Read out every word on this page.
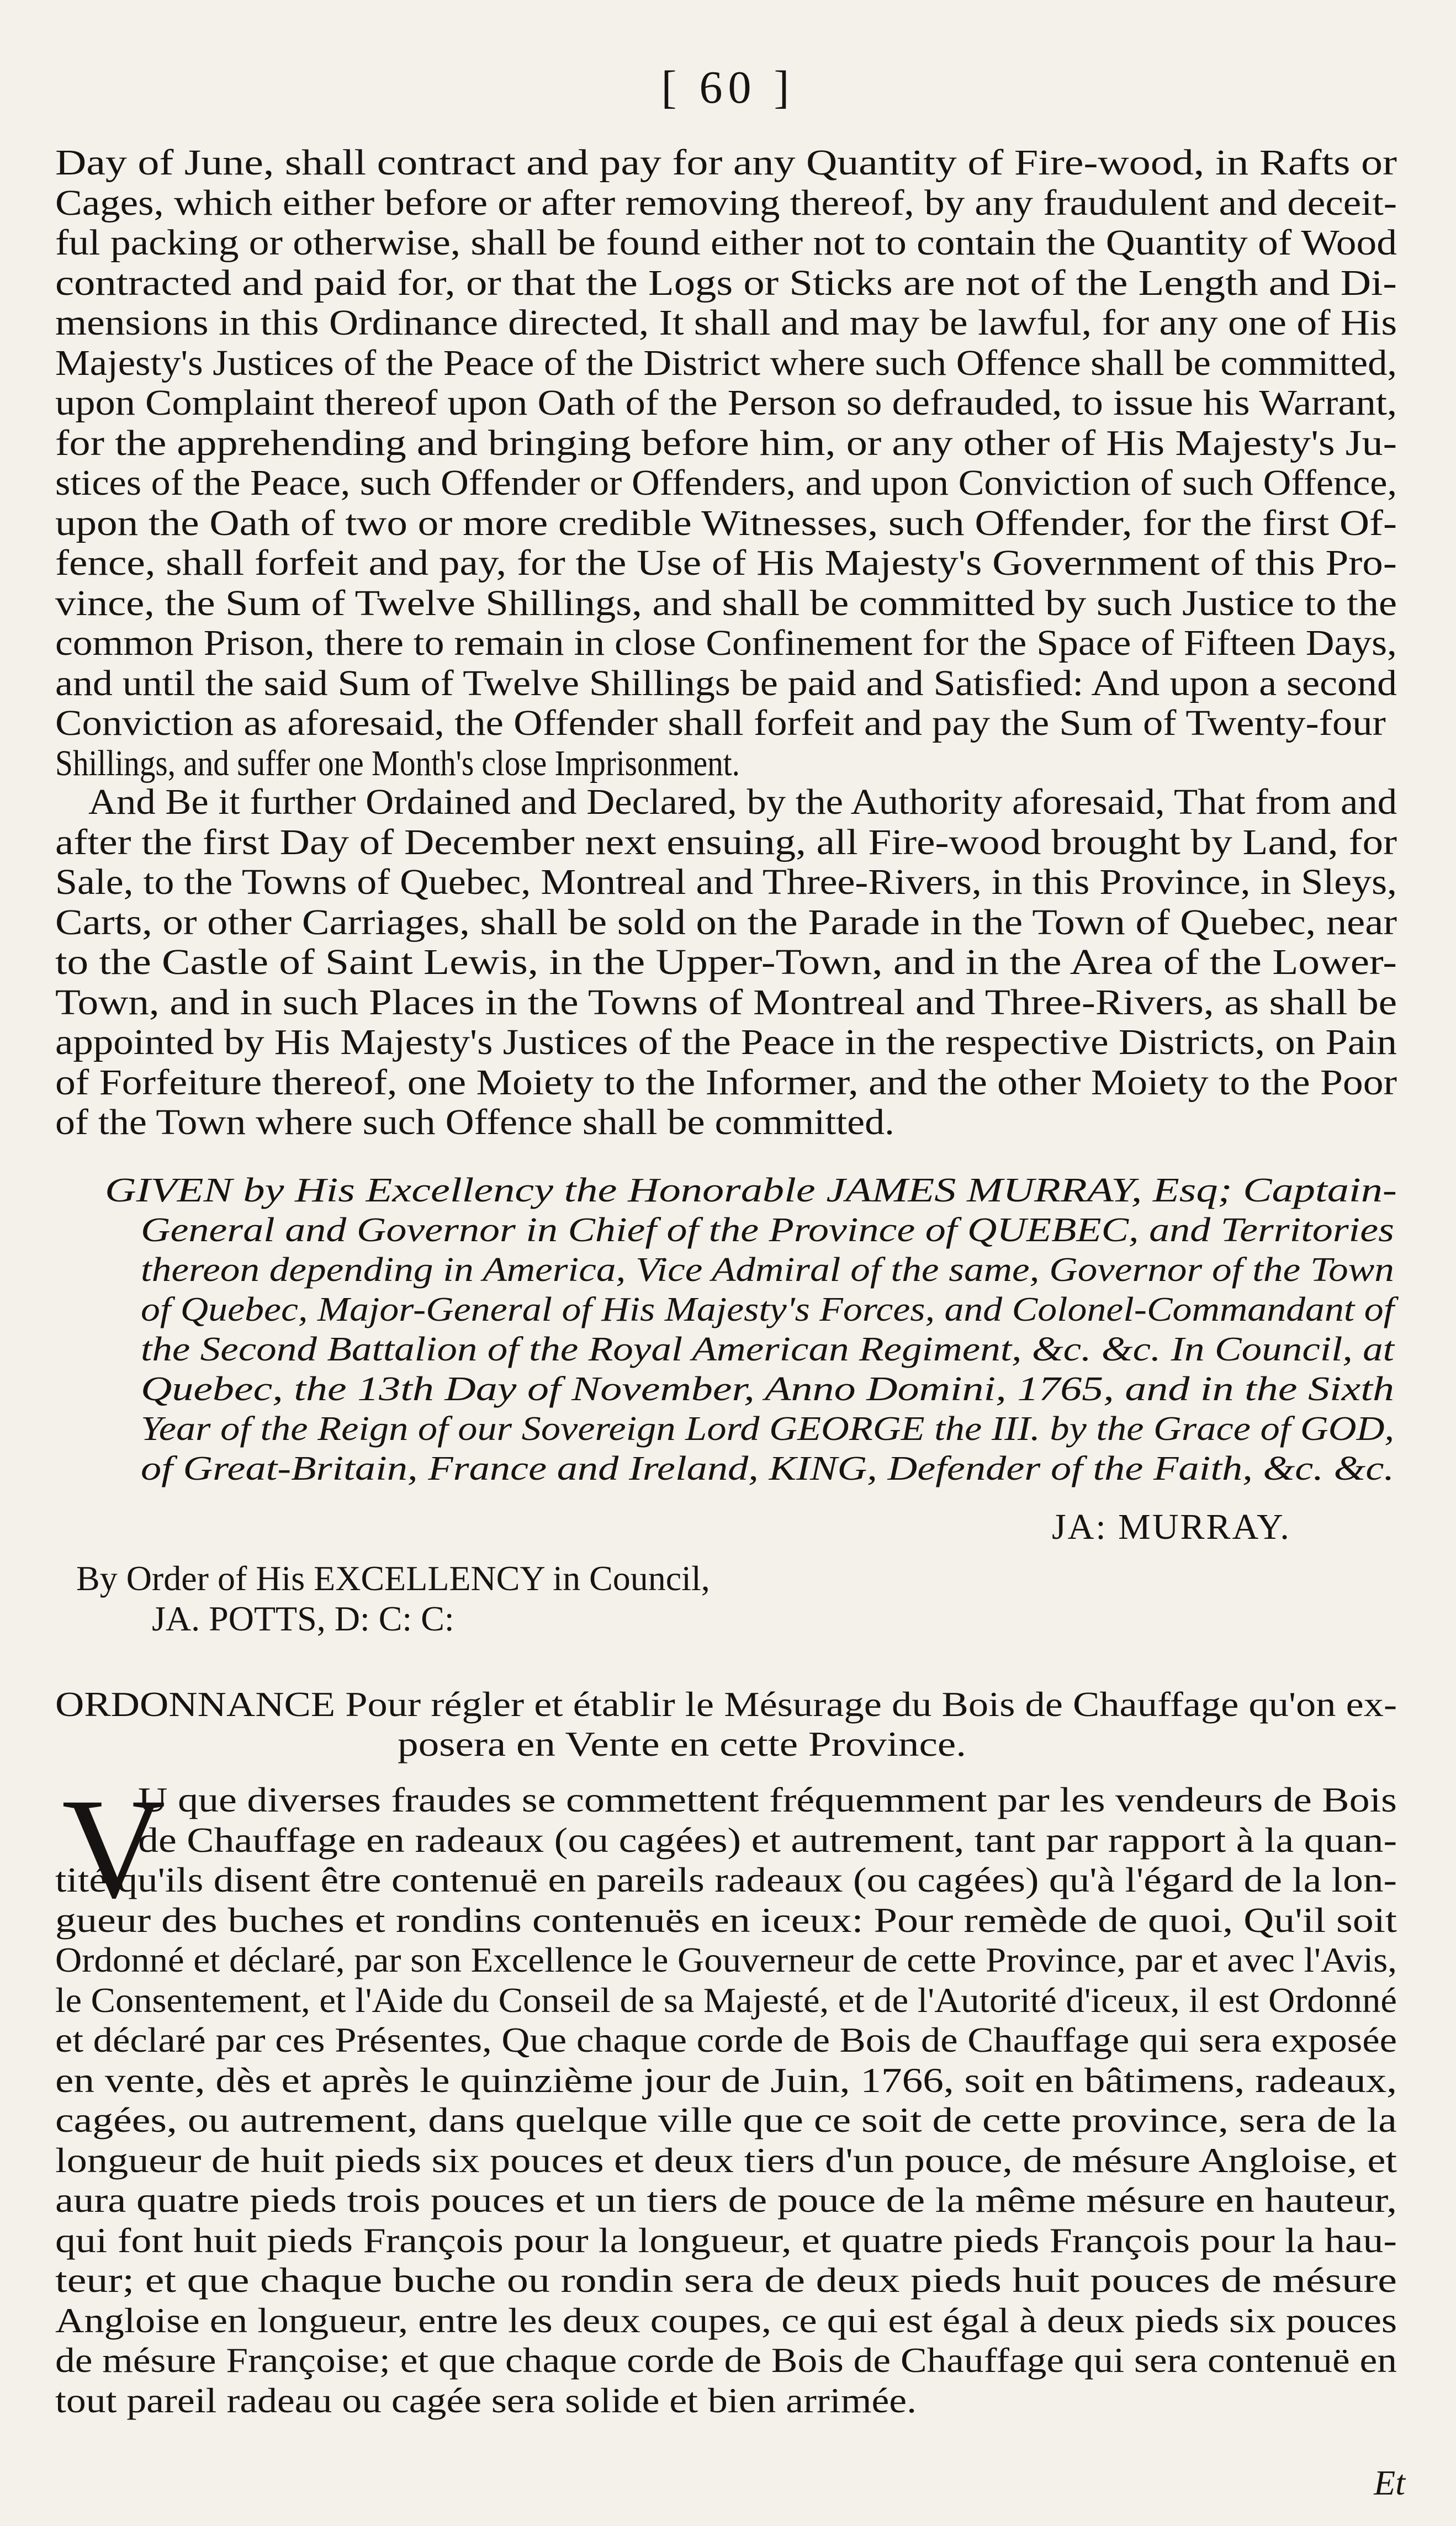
[ 60 ]
Day of June, shall contract and pay for any Quantity of Fire-wood, in Rafts or
Cages, which either before or after removing thereof, by any fraudulent and deceit-
ful packing or otherwise, shall be found either not to contain the Quantity of Wood
contracted and paid for, or that the Logs or Sticks are not of the Length and Di-
mensions in this Ordinance directed, It shall and may be lawful, for any one of His
Majesty's Justices of the Peace of the District where such Offence shall be committed,
upon Complaint thereof upon Oath of the Person so defrauded, to issue his Warrant,
for the apprehending and bringing before him, or any other of His Majesty's Ju-
stices of the Peace, such Offender or Offenders, and upon Conviction of such Offence,
upon the Oath of two or more credible Witnesses, such Offender, for the first Of-
fence, shall forfeit and pay, for the Use of His Majesty's Government of this Pro-
vince, the Sum of Twelve Shillings, and shall be committed by such Justice to the
common Prison, there to remain in close Confinement for the Space of Fifteen Days,
and until the said Sum of Twelve Shillings be paid and Satisfied: And upon a second
Conviction as aforesaid, the Offender shall forfeit and pay the Sum of Twenty-four
Shillings, and suffer one Month's close Imprisonment.
And Be it further Ordained and Declared, by the Authority aforesaid, That from and
after the first Day of December next ensuing, all Fire-wood brought by Land, for
Sale, to the Towns of Quebec, Montreal and Three-Rivers, in this Province, in Sleys,
Carts, or other Carriages, shall be sold on the Parade in the Town of Quebec, near
to the Castle of Saint Lewis, in the Upper-Town, and in the Area of the Lower-
Town, and in such Places in the Towns of Montreal and Three-Rivers, as shall be
appointed by His Majesty's Justices of the Peace in the respective Districts, on Pain
of Forfeiture thereof, one Moiety to the Informer, and the other Moiety to the Poor
of the Town where such Offence shall be committed.
GIVEN by His Excellency the Honorable JAMES MURRAY, Esq; Captain-
General and Governor in Chief of the Province of QUEBEC, and Territories
thereon depending in America, Vice Admiral of the same, Governor of the Town
of Quebec, Major-General of His Majesty's Forces, and Colonel-Commandant of
the Second Battalion of the Royal American Regiment, &c. &c. In Council, at
Quebec, the 13th Day of November, Anno Domini, 1765, and in the Sixth
Year of the Reign of our Sovereign Lord GEORGE the III. by the Grace of GOD,
of Great-Britain, France and Ireland, KING, Defender of the Faith, &c. &c.
JA: MURRAY.
By Order of His EXCELLENCY in Council,
JA. POTTS, D: C: C:
ORDONNANCE Pour régler et établir le Mésurage du Bois de Chauffage qu'on ex-
posera en Vente en cette Province.
V
U que diverses fraudes se commettent fréquemment par les vendeurs de Bois
de Chauffage en radeaux (ou cagées) et autrement, tant par rapport à la quan-
tité qu'ils disent être contenuë en pareils radeaux (ou cagées) qu'à l'égard de la lon-
gueur des buches et rondins contenuës en iceux: Pour remède de quoi, Qu'il soit
Ordonné et déclaré, par son Excellence le Gouverneur de cette Province, par et avec l'Avis,
le Consentement, et l'Aide du Conseil de sa Majesté, et de l'Autorité d'iceux, il est Ordonné
et déclaré par ces Présentes, Que chaque corde de Bois de Chauffage qui sera exposée
en vente, dès et après le quinzième jour de Juin, 1766, soit en bâtimens, radeaux,
cagées, ou autrement, dans quelque ville que ce soit de cette province, sera de la
longueur de huit pieds six pouces et deux tiers d'un pouce, de mésure Angloise, et
aura quatre pieds trois pouces et un tiers de pouce de la même mésure en hauteur,
qui font huit pieds François pour la longueur, et quatre pieds François pour la hau-
teur; et que chaque buche ou rondin sera de deux pieds huit pouces de mésure
Angloise en longueur, entre les deux coupes, ce qui est égal à deux pieds six pouces
de mésure Françoise; et que chaque corde de Bois de Chauffage qui sera contenuë en
tout pareil radeau ou cagée sera solide et bien arrimée.
Et
